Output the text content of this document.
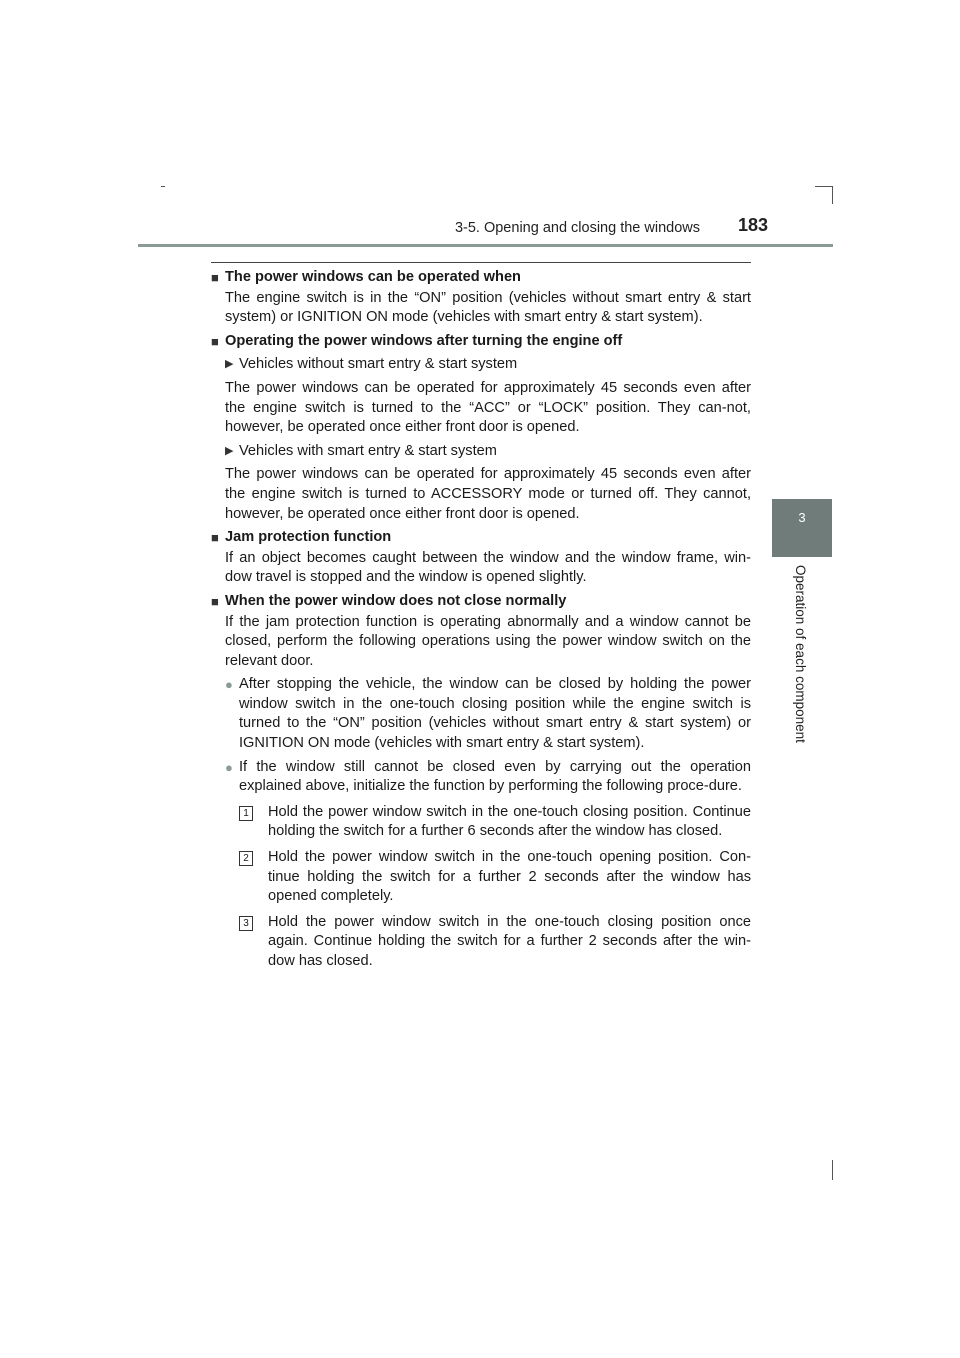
3-5. Opening and closing the windows 183
3
Operation of each component
■ The power windows can be operated when
The engine switch is in the “ON” position (vehicles without smart entry & start system) or IGNITION ON mode (vehicles with smart entry & start system).
■ Operating the power windows after turning the engine off
▶ Vehicles without smart entry & start system
The power windows can be operated for approximately 45 seconds even after the engine switch is turned to the “ACC” or “LOCK” position. They can-not, however, be operated once either front door is opened.
▶ Vehicles with smart entry & start system
The power windows can be operated for approximately 45 seconds even after the engine switch is turned to ACCESSORY mode or turned off. They cannot, however, be operated once either front door is opened.
■ Jam protection function
If an object becomes caught between the window and the window frame, win-dow travel is stopped and the window is opened slightly.
■ When the power window does not close normally
If the jam protection function is operating abnormally and a window cannot be closed, perform the following operations using the power window switch on the relevant door.
● After stopping the vehicle, the window can be closed by holding the power window switch in the one-touch closing position while the engine switch is turned to the “ON” position (vehicles without smart entry & start system) or IGNITION ON mode (vehicles with smart entry & start system).
● If the window still cannot be closed even by carrying out the operation explained above, initialize the function by performing the following proce-dure.
1 Hold the power window switch in the one-touch closing position. Continue holding the switch for a further 6 seconds after the window has closed.
2 Hold the power window switch in the one-touch opening position. Con-tinue holding the switch for a further 2 seconds after the window has opened completely.
3 Hold the power window switch in the one-touch closing position once again. Continue holding the switch for a further 2 seconds after the win-dow has closed.
